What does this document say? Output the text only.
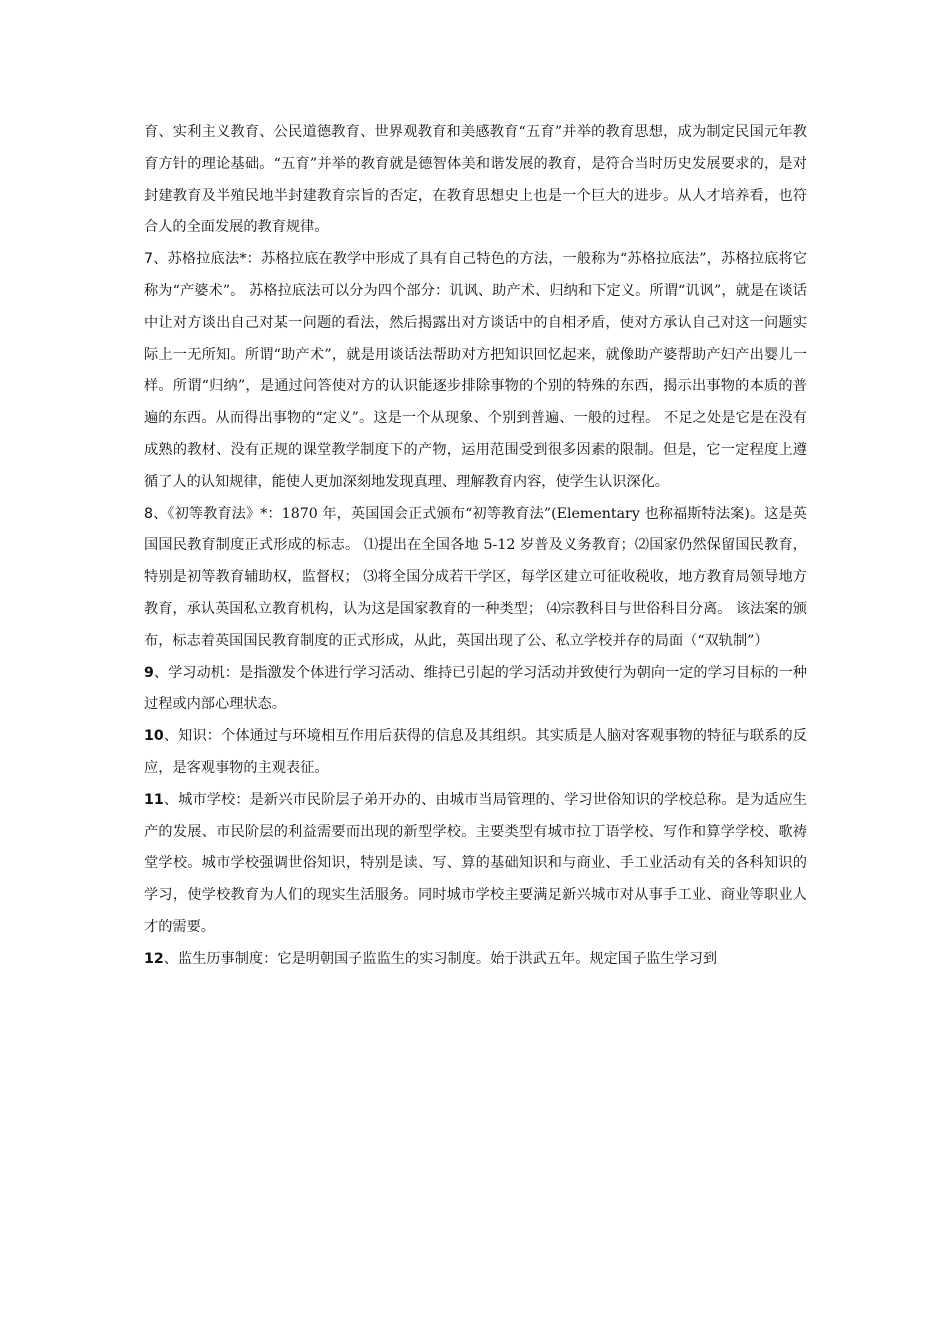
育、实利主义教育、公民道德教育、世界观教育和美感教育“五育”并举的教育思想，成为制定民国元年教育方针的理论基础。“五育”并举的教育就是德智体美和谐发展的教育，是符合当时历史发展要求的，是对封建教育及半殖民地半封建教育宗旨的否定，在教育思想史上也是一个巨大的进步。从人才培养看，也符合人的全面发展的教育规律。

7、苏格拉底法*：苏格拉底在教学中形成了具有自己特色的方法，一般称为“苏格拉底法”，苏格拉底将它称为“产婆术”。 苏格拉底法可以分为四个部分：讥讽、助产术、归纳和下定义。所谓“讥讽”，就是在谈话中让对方谈出自己对某一问题的看法，然后揭露出对方谈话中的自相矛盾，使对方承认自己对这一问题实际上一无所知。所谓“助产术”，就是用谈话法帮助对方把知识回忆起来，就像助产婆帮助产妇产出婴儿一样。所谓“归纳”，是通过问答使对方的认识能逐步排除事物的个别的特殊的东西，揭示出事物的本质的普遍的东西。从而得出事物的“定义”。这是一个从现象、个别到普遍、一般的过程。 不足之处是它是在没有成熟的教材、没有正规的课堂教学制度下的产物，运用范围受到很多因素的限制。但是，它一定程度上遵循了人的认知规律，能使人更加深刻地发现真理、理解教育内容，使学生认识深化。

8、《初等教育法》*：1870 年，英国国会正式颁布“初等教育法”(Elementary 也称福斯特法案)。这是英国国民教育制度正式形成的标志。 ⑴提出在全国各地 5-12 岁普及义务教育；⑵国家仍然保留国民教育，特别是初等教育辅助权，监督权； ⑶将全国分成若干学区，每学区建立可征收税收，地方教育局领导地方教育，承认英国私立教育机构，认为这是国家教育的一种类型； ⑷宗教科目与世俗科目分离。 该法案的颁布，标志着英国国民教育制度的正式形成，从此，英国出现了公、私立学校并存的局面（“双轨制”）

9、学习动机：是指激发个体进行学习活动、维持已引起的学习活动并致使行为朝向一定的学习目标的一种过程或内部心理状态。

10、知识：个体通过与环境相互作用后获得的信息及其组织。其实质是人脑对客观事物的特征与联系的反应，是客观事物的主观表征。

11、城市学校：是新兴市民阶层子弟开办的、由城市当局管理的、学习世俗知识的学校总称。是为适应生产的发展、市民阶层的利益需要而出现的新型学校。主要类型有城市拉丁语学校、写作和算学学校、歌祷堂学校。城市学校强调世俗知识，特别是读、写、算的基础知识和与商业、手工业活动有关的各科知识的学习，使学校教育为人们的现实生活服务。同时城市学校主要满足新兴城市对从事手工业、商业等职业人才的需要。

12、监生历事制度：它是明朝国子监监生的实习制度。始于洪武五年。规定国子监生学习到
